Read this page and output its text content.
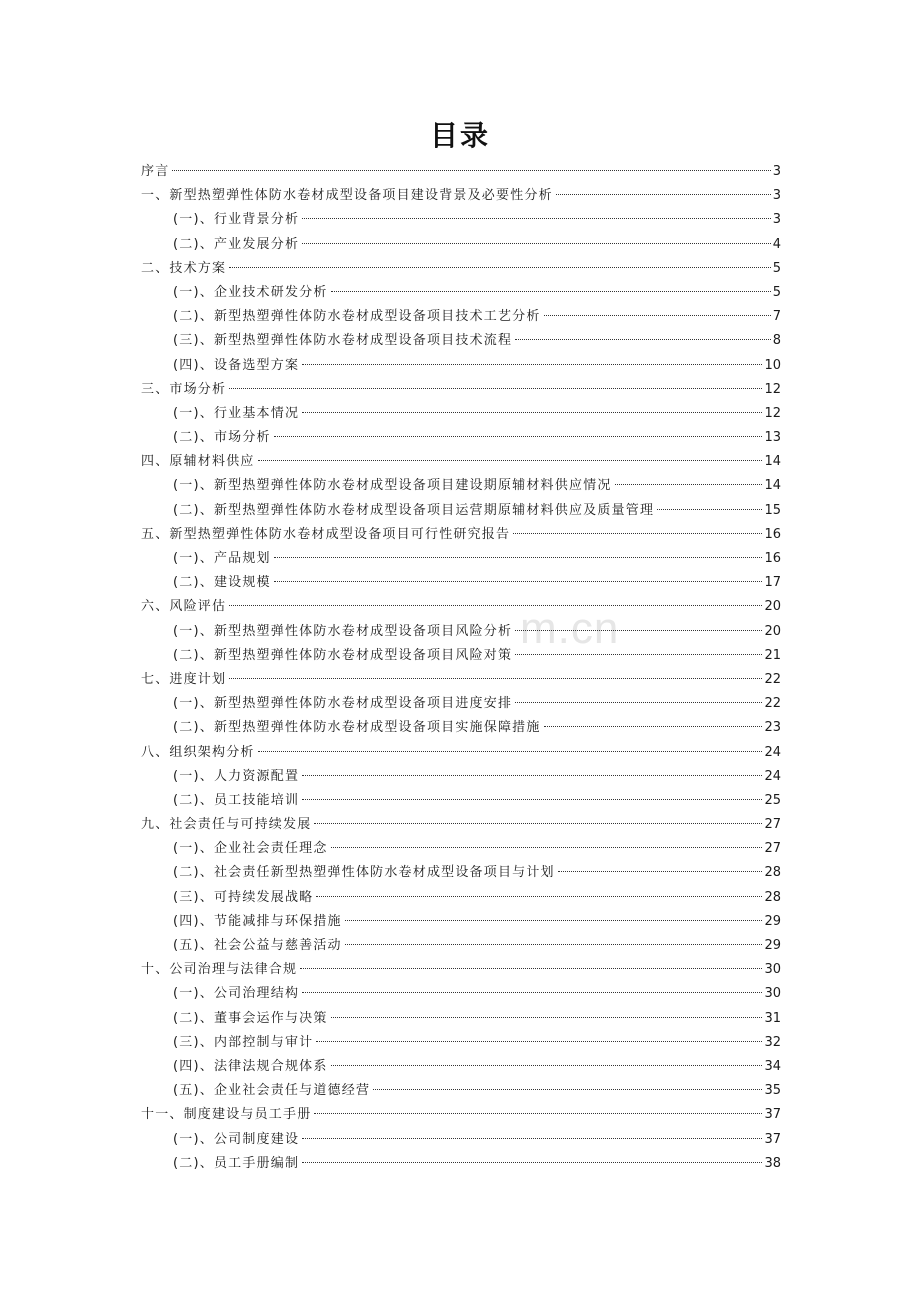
m.cn
目录
序言	3
一、新型热塑弹性体防水卷材成型设备项目建设背景及必要性分析	3
(一)、行业背景分析	3
(二)、产业发展分析	4
二、技术方案	5
(一)、企业技术研发分析	5
(二)、新型热塑弹性体防水卷材成型设备项目技术工艺分析	7
(三)、新型热塑弹性体防水卷材成型设备项目技术流程	8
(四)、设备选型方案	10
三、市场分析	12
(一)、行业基本情况	12
(二)、市场分析	13
四、原辅材料供应	14
(一)、新型热塑弹性体防水卷材成型设备项目建设期原辅材料供应情况	14
(二)、新型热塑弹性体防水卷材成型设备项目运营期原辅材料供应及质量管理	15
五、新型热塑弹性体防水卷材成型设备项目可行性研究报告	16
(一)、产品规划	16
(二)、建设规模	17
六、风险评估	20
(一)、新型热塑弹性体防水卷材成型设备项目风险分析	20
(二)、新型热塑弹性体防水卷材成型设备项目风险对策	21
七、进度计划	22
(一)、新型热塑弹性体防水卷材成型设备项目进度安排	22
(二)、新型热塑弹性体防水卷材成型设备项目实施保障措施	23
八、组织架构分析	24
(一)、人力资源配置	24
(二)、员工技能培训	25
九、社会责任与可持续发展	27
(一)、企业社会责任理念	27
(二)、社会责任新型热塑弹性体防水卷材成型设备项目与计划	28
(三)、可持续发展战略	28
(四)、节能减排与环保措施	29
(五)、社会公益与慈善活动	29
十、公司治理与法律合规	30
(一)、公司治理结构	30
(二)、董事会运作与决策	31
(三)、内部控制与审计	32
(四)、法律法规合规体系	34
(五)、企业社会责任与道德经营	35
十一、制度建设与员工手册	37
(一)、公司制度建设	37
(二)、员工手册编制	38
